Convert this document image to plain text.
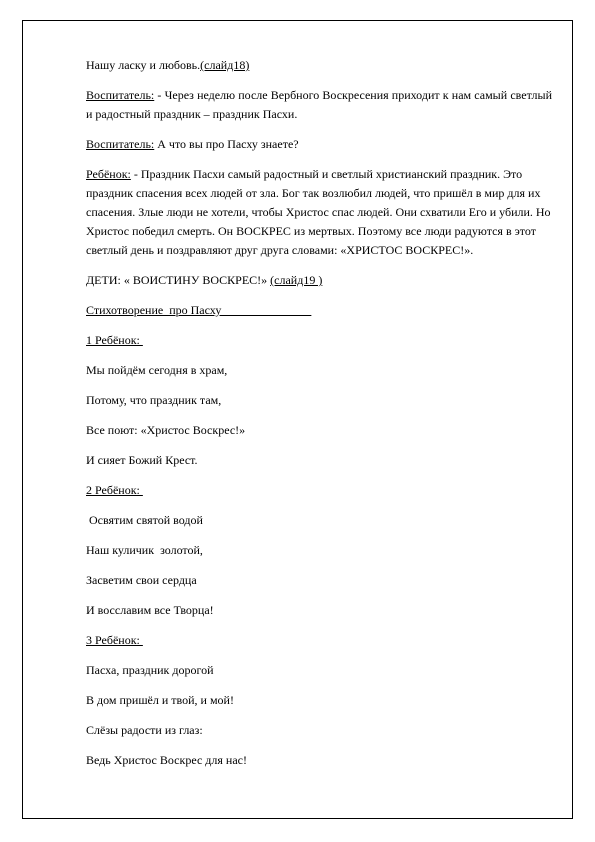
Нашу ласку и любовь.(слайд18)

Воспитатель: - Через неделю после Вербного Воскресения приходит к нам самый светлый и радостный праздник – праздник Пасхи.

Воспитатель: А что вы про Пасху знаете?

Ребёнок: - Праздник Пасхи самый радостный и светлый христианский праздник. Это праздник спасения всех людей от зла. Бог так возлюбил людей, что пришёл в мир для их спасения. Злые люди не хотели, чтобы Христос спас людей. Они схватили Его и убили. Но Христос победил смерть. Он ВОСКРЕС из мертвых. Поэтому все люди радуются в этот светлый день и поздравляют друг друга словами: «ХРИСТОС ВОСКРЕС!».

ДЕТИ: « ВОИСТИНУ ВОСКРЕС!» (слайд19 )

Стихотворение  про Пасху

1 Ребёнок:

Мы пойдём сегодня в храм,

Потому, что праздник там,

Все поют: «Христос Воскрес!»

И сияет Божий Крест.

2 Ребёнок:

Освятим святой водой

Наш куличик  золотой,

Засветим свои сердца

И восславим все Творца!

3 Ребёнок:

Пасха, праздник дорогой

В дом пришёл и твой, и мой!

Слёзы радости из глаз:

Ведь Христос Воскрес для нас!
